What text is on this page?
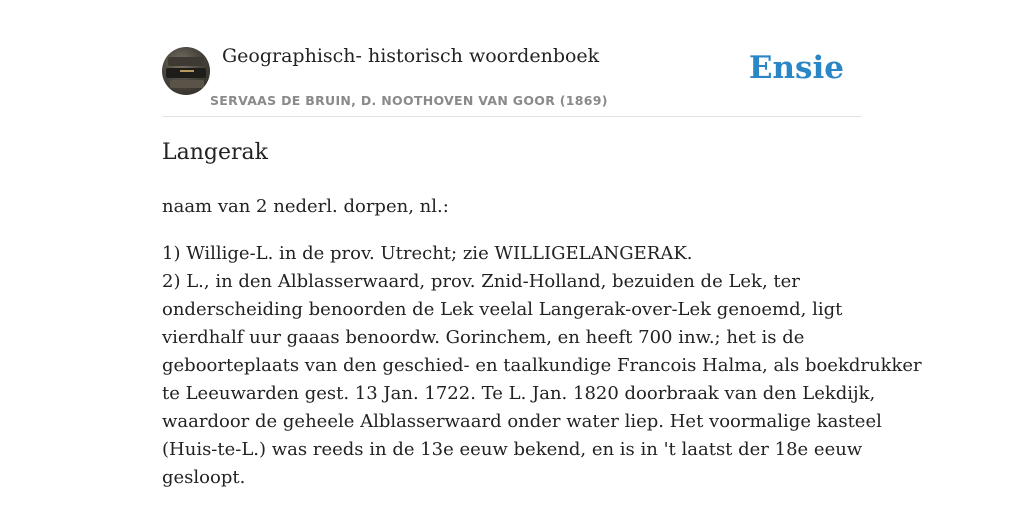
Geographisch- historisch woordenboek
SERVAAS DE BRUIN, D. NOOTHOVEN VAN GOOR (1869)
Ensie
Langerak

naam van 2 nederl. dorpen, nl.:

1) Willige-L. in de prov. Utrecht; zie WILLIGELANGERAK.
2) L., in den Alblasserwaard, prov. Znid-Holland, bezuiden de Lek, ter
onderscheiding benoorden de Lek veelal Langerak-over-Lek genoemd, ligt
vierdhalf uur gaaas benoordw. Gorinchem, en heeft 700 inw.; het is de
geboorteplaats van den geschied- en taalkundige Francois Halma, als boekdrukker
te Leeuwarden gest. 13 Jan. 1722. Te L. Jan. 1820 doorbraak van den Lekdijk,
waardoor de geheele Alblasserwaard onder water liep. Het voormalige kasteel
(Huis-te-L.) was reeds in de 13e eeuw bekend, en is in 't laatst der 18e eeuw
gesloopt.
